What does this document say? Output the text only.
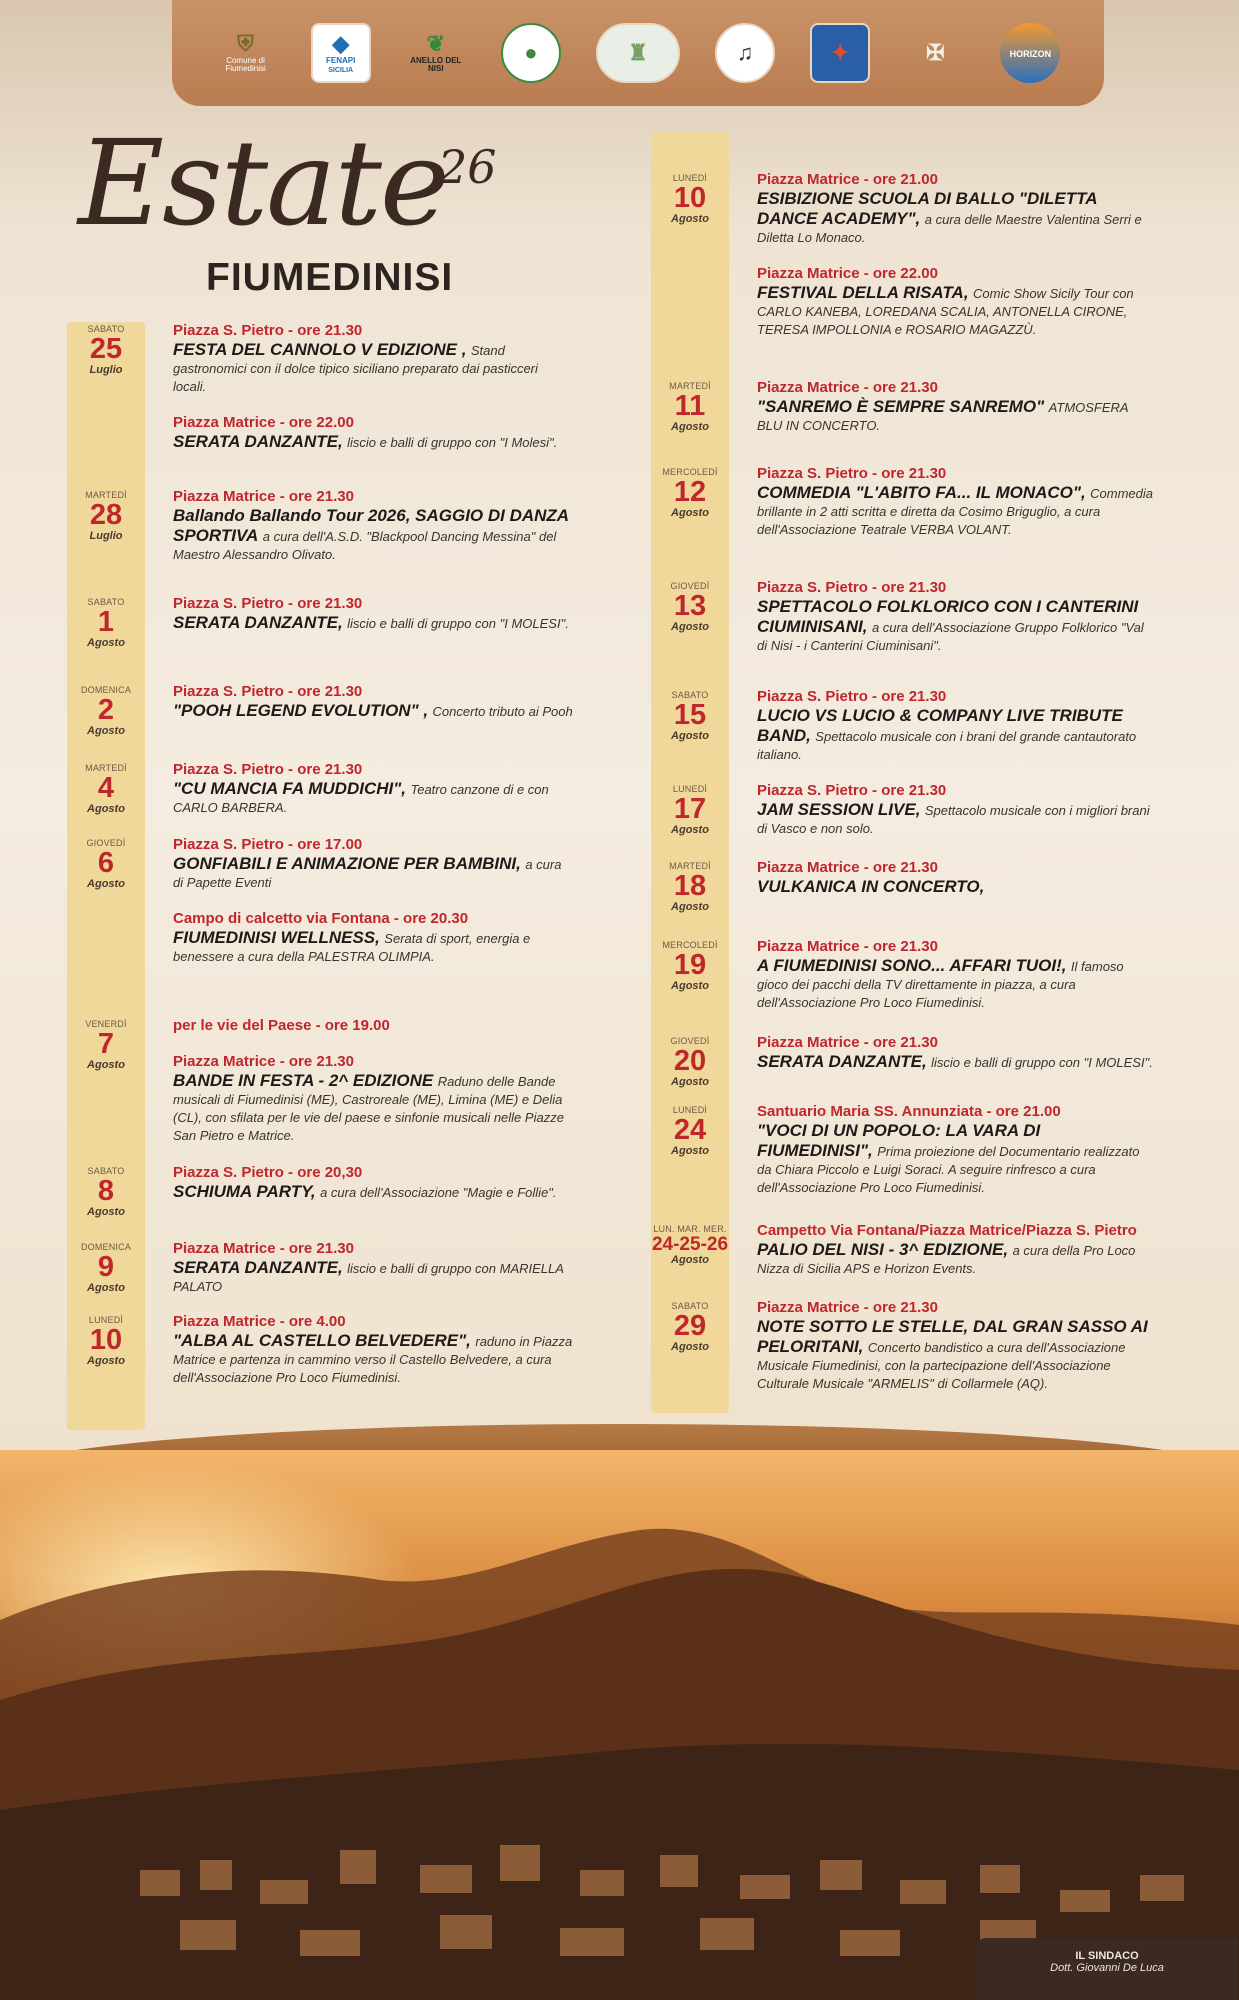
⛨
Comune di Fiumedinisi
◆
FENAPI
SICILIA
❦
ANELLO DEL NISI
●	♜	♫	✦	✠	HORIZON
Estate
26
FIUMEDINISI
SABATO
25
Luglio
Piazza S. Pietro - ore 21.30
FESTA DEL CANNOLO V EDIZIONE , Stand gastronomici con il dolce tipico siciliano preparato dai pasticceri locali.
Piazza Matrice - ore 22.00
SERATA DANZANTE, liscio e balli di gruppo con "I Molesi".
MARTEDÌ
28
Luglio
Piazza Matrice - ore 21.30
Ballando Ballando Tour 2026, SAGGIO DI DANZA SPORTIVA a cura dell'A.S.D. "Blackpool Dancing Messina" del Maestro Alessandro Olivato.
SABATO
1
Agosto
Piazza S. Pietro - ore 21.30
SERATA DANZANTE, liscio e balli di gruppo con "I MOLESI".
DOMENICA
2
Agosto
Piazza S. Pietro - ore 21.30
"POOH LEGEND EVOLUTION" , Concerto tributo ai Pooh
MARTEDÌ
4
Agosto
Piazza S. Pietro - ore 21.30
"CU MANCIA FA MUDDICHI", Teatro canzone di e con CARLO BARBERA.
GIOVEDÌ
6
Agosto
Piazza S. Pietro - ore 17.00
GONFIABILI E ANIMAZIONE PER BAMBINI, a cura di Papette Eventi
Campo di calcetto via Fontana - ore 20.30
FIUMEDINISI WELLNESS, Serata di sport, energia e benessere a cura della PALESTRA OLIMPIA.
VENERDÌ
7
Agosto
per le vie del Paese - ore 19.00
Piazza Matrice - ore 21.30
BANDE IN FESTA - 2^ EDIZIONE Raduno delle Bande musicali di Fiumedinisi (ME), Castroreale (ME), Limina (ME) e Delia (CL), con sfilata per le vie del paese e sinfonie musicali nelle Piazze San Pietro e Matrice.
SABATO
8
Agosto
Piazza S. Pietro - ore 20,30
SCHIUMA PARTY, a cura dell'Associazione "Magie e Follie".
DOMENICA
9
Agosto
Piazza Matrice - ore 21.30
SERATA DANZANTE, liscio e balli di gruppo con MARIELLA PALATO
LUNEDÌ
10
Agosto
Piazza Matrice - ore 4.00
"ALBA AL CASTELLO BELVEDERE", raduno in Piazza Matrice e partenza in cammino verso il Castello Belvedere, a cura dell'Associazione Pro Loco Fiumedinisi.
LUNEDÌ
10
Agosto
Piazza Matrice - ore 21.00
ESIBIZIONE SCUOLA DI BALLO "DILETTA DANCE ACADEMY", a cura delle Maestre Valentina Serri e Diletta Lo Monaco.
Piazza Matrice - ore 22.00
FESTIVAL DELLA RISATA, Comic Show Sicily Tour con CARLO KANEBA, LOREDANA SCALIA, ANTONELLA CIRONE, TERESA IMPOLLONIA e ROSARIO MAGAZZÙ.
MARTEDÌ
11
Agosto
Piazza Matrice - ore 21.30
"SANREMO È SEMPRE SANREMO" ATMOSFERA BLU IN CONCERTO.
MERCOLEDÌ
12
Agosto
Piazza S. Pietro - ore 21.30
COMMEDIA "L'ABITO FA... IL MONACO", Commedia brillante in 2 atti scritta e diretta da Cosimo Briguglio, a cura dell'Associazione Teatrale VERBA VOLANT.
GIOVEDÌ
13
Agosto
Piazza S. Pietro - ore 21.30
SPETTACOLO FOLKLORICO CON I CANTERINI CIUMINISANI, a cura dell'Associazione Gruppo Folklorico "Val di Nisi - i Canterini Ciuminisani".
SABATO
15
Agosto
Piazza S. Pietro - ore 21.30
LUCIO VS LUCIO & COMPANY LIVE TRIBUTE BAND, Spettacolo musicale con i brani del grande cantautorato italiano.
LUNEDÌ
17
Agosto
Piazza S. Pietro - ore 21.30
JAM SESSION LIVE, Spettacolo musicale con i migliori brani di Vasco e non solo.
MARTEDÌ
18
Agosto
Piazza Matrice - ore 21.30
VULKANICA IN CONCERTO,
MERCOLEDÌ
19
Agosto
Piazza Matrice - ore 21.30
A FIUMEDINISI SONO... AFFARI TUOI!, Il famoso gioco dei pacchi della TV direttamente in piazza, a cura dell'Associazione Pro Loco Fiumedinisi.
GIOVEDÌ
20
Agosto
Piazza Matrice - ore 21.30
SERATA DANZANTE, liscio e balli di gruppo con "I MOLESI".
LUNEDÌ
24
Agosto
Santuario Maria SS. Annunziata - ore 21.00
"VOCI DI UN POPOLO: LA VARA DI FIUMEDINISI", Prima proiezione del Documentario realizzato da Chiara Piccolo e Luigi Soraci. A seguire rinfresco a cura dell'Associazione Pro Loco Fiumedinisi.
LUN. MAR. MER.
24-25-26
Agosto
Campetto Via Fontana/Piazza Matrice/Piazza S. Pietro
PALIO DEL NISI - 3^ EDIZIONE, a cura della Pro Loco Nizza di Sicilia APS e Horizon Events.
SABATO
29
Agosto
Piazza Matrice - ore 21.30
NOTE SOTTO LE STELLE, DAL GRAN SASSO AI PELORITANI, Concerto bandistico a cura dell'Associazione Musicale Fiumedinisi, con la partecipazione dell'Associazione Culturale Musicale "ARMELIS" di Collarmele (AQ).
IL SINDACO
Dott. Giovanni De Luca
